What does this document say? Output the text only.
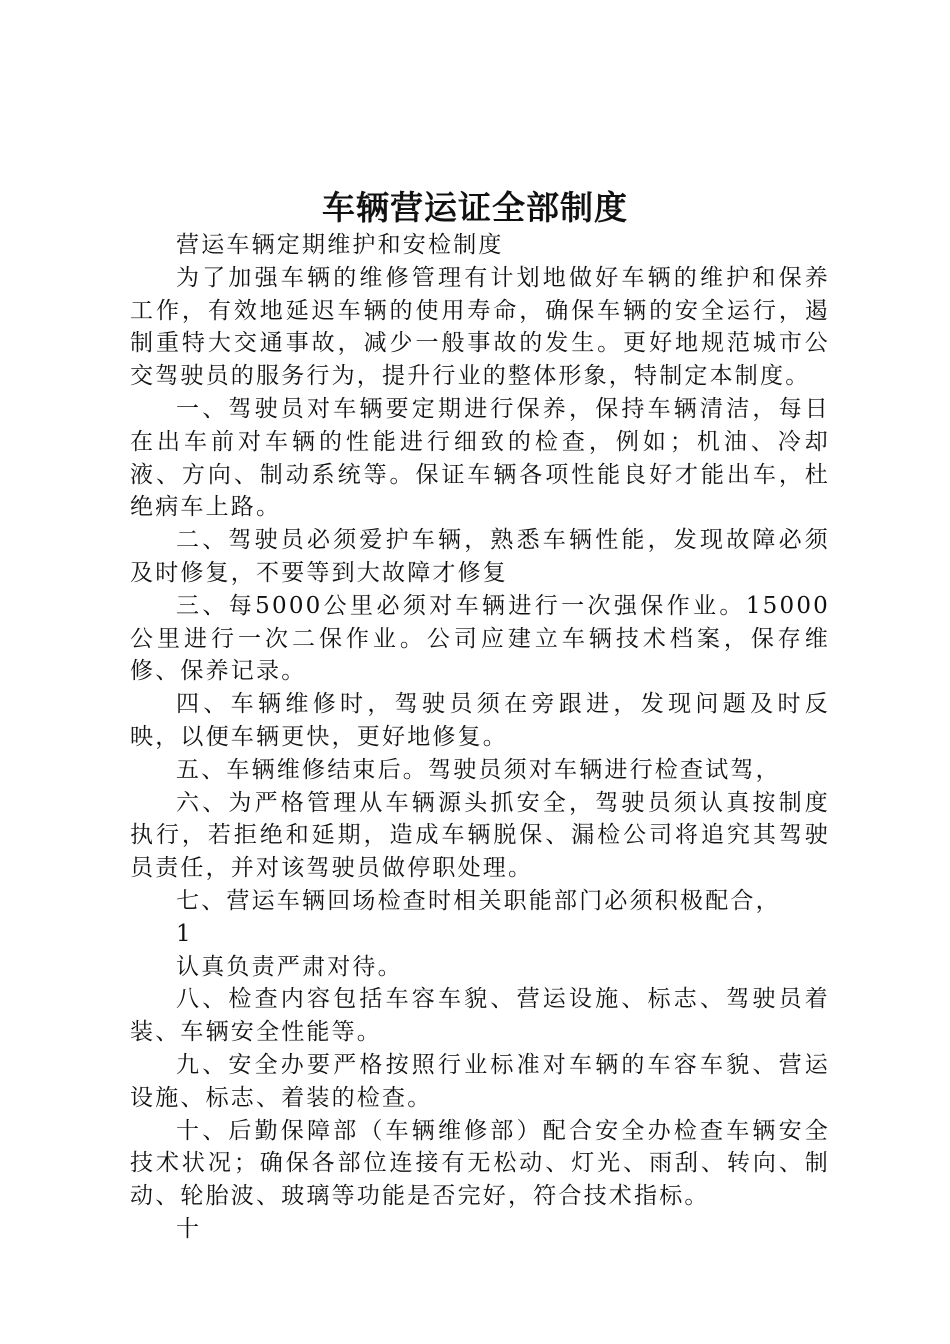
车辆营运证全部制度

营运车辆定期维护和安检制度

为了加强车辆的维修管理有计划地做好车辆的维护和保养工作，有效地延迟车辆的使用寿命，确保车辆的安全运行，遏制重特大交通事故，减少一般事故的发生。更好地规范城市公交驾驶员的服务行为，提升行业的整体形象，特制定本制度。

一、驾驶员对车辆要定期进行保养，保持车辆清洁，每日在出车前对车辆的性能进行细致的检查，例如；机油、冷却液、方向、制动系统等。保证车辆各项性能良好才能出车，杜绝病车上路。

二、驾驶员必须爱护车辆，熟悉车辆性能，发现故障必须及时修复，不要等到大故障才修复

三、每5000公里必须对车辆进行一次强保作业。15000公里进行一次二保作业。公司应建立车辆技术档案，保存维修、保养记录。

四、车辆维修时，驾驶员须在旁跟进，发现问题及时反映，以便车辆更快，更好地修复。

五、车辆维修结束后。驾驶员须对车辆进行检查试驾，

六、为严格管理从车辆源头抓安全，驾驶员须认真按制度执行，若拒绝和延期，造成车辆脱保、漏检公司将追究其驾驶员责任，并对该驾驶员做停职处理。

七、营运车辆回场检查时相关职能部门必须积极配合，

1

认真负责严肃对待。

八、检查内容包括车容车貌、营运设施、标志、驾驶员着装、车辆安全性能等。

九、安全办要严格按照行业标准对车辆的车容车貌、营运设施、标志、着装的检查。

十、后勤保障部（车辆维修部）配合安全办检查车辆安全技术状况；确保各部位连接有无松动、灯光、雨刮、转向、制动、轮胎波、玻璃等功能是否完好，符合技术指标。

十
